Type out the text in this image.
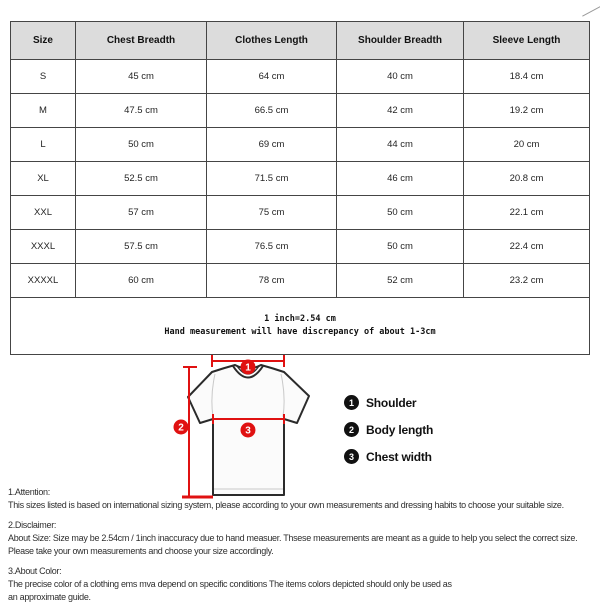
Size	Chest Breadth	Clothes Length	Shoulder Breadth	Sleeve Length
S	45 cm	64 cm	40 cm	18.4 cm
M	47.5 cm	66.5 cm	42 cm	19.2 cm
L	50 cm	69 cm	44 cm	20 cm
XL	52.5 cm	71.5 cm	46 cm	20.8 cm
XXL	57 cm	75 cm	50 cm	22.1 cm
XXXL	57.5 cm	76.5 cm	50 cm	22.4 cm
XXXXL	60 cm	78 cm	52 cm	23.2 cm

1 inch=2.54 cm
Hand measurement will have discrepancy of about 1-3cm				
1
2	3
1	Shoulder
2	Body length
3	Chest width
1.Attention:
This sizes listed is based on international sizing system, please according to your own measurements and dressing habits to choose your suitable size.
2.Disclaimer:
About Size: Size may be 2.54cm / 1inch inaccuracy due to hand measuer. Thsese measurements are meant as a guide to help you select the correct size.
Please take your own measurements and choose your size accordingly.
3.About Color:
The precise color of a clothing ems mva depend on specific conditions The items colors depicted should only be used as
an approximate guide.
